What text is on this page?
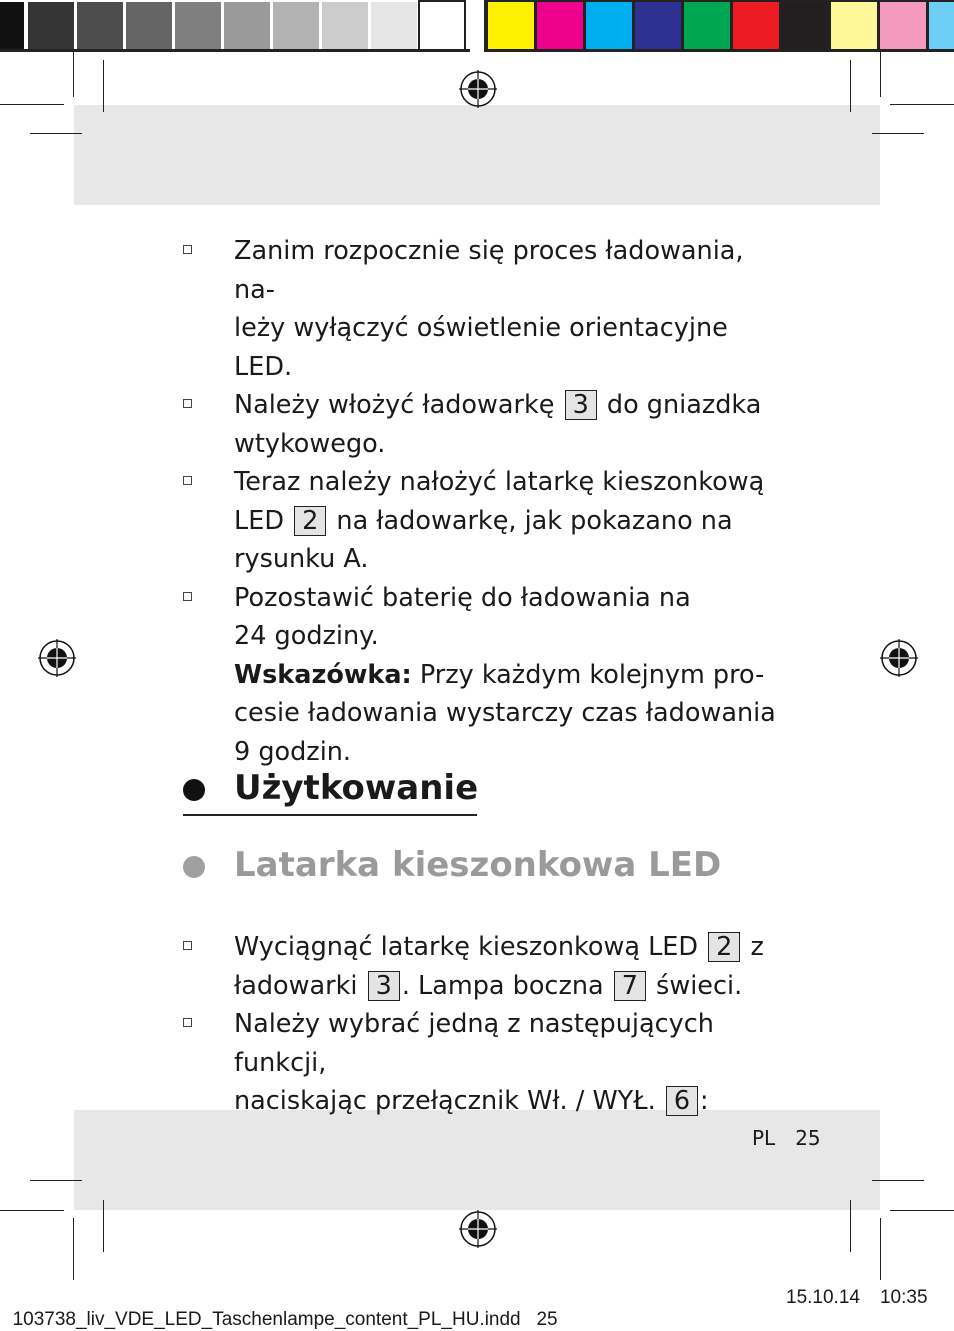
Zanim rozpocznie się proces ładowania, na-
leży wyłączyć oświetlenie orientacyjne LED.
Należy włożyć ładowarkę 3 do gniazdka
wtykowego.
Teraz należy nałożyć latarkę kieszonkową
LED 2 na ładowarkę, jak pokazano na
rysunku A.
Pozostawić baterię do ładowania na
24 godziny.
Wskazówka: Przy każdym kolejnym pro-
cesie ładowania wystarczy czas ładowania
9 godzin.
Użytkowanie
Latarka kieszonkowa LED
Wyciągnąć latarkę kieszonkową LED 2 z
ładowarki 3 . Lampa boczna 7 świeci.
Należy wybrać jedną z następujących funkcji,
naciskając przełącznik Wł. / WYŁ. 6 :
PL 25

103738_liv_VDE_LED_Taschenlampe_content_PL_HU.indd   25

15.10.14 10:35
